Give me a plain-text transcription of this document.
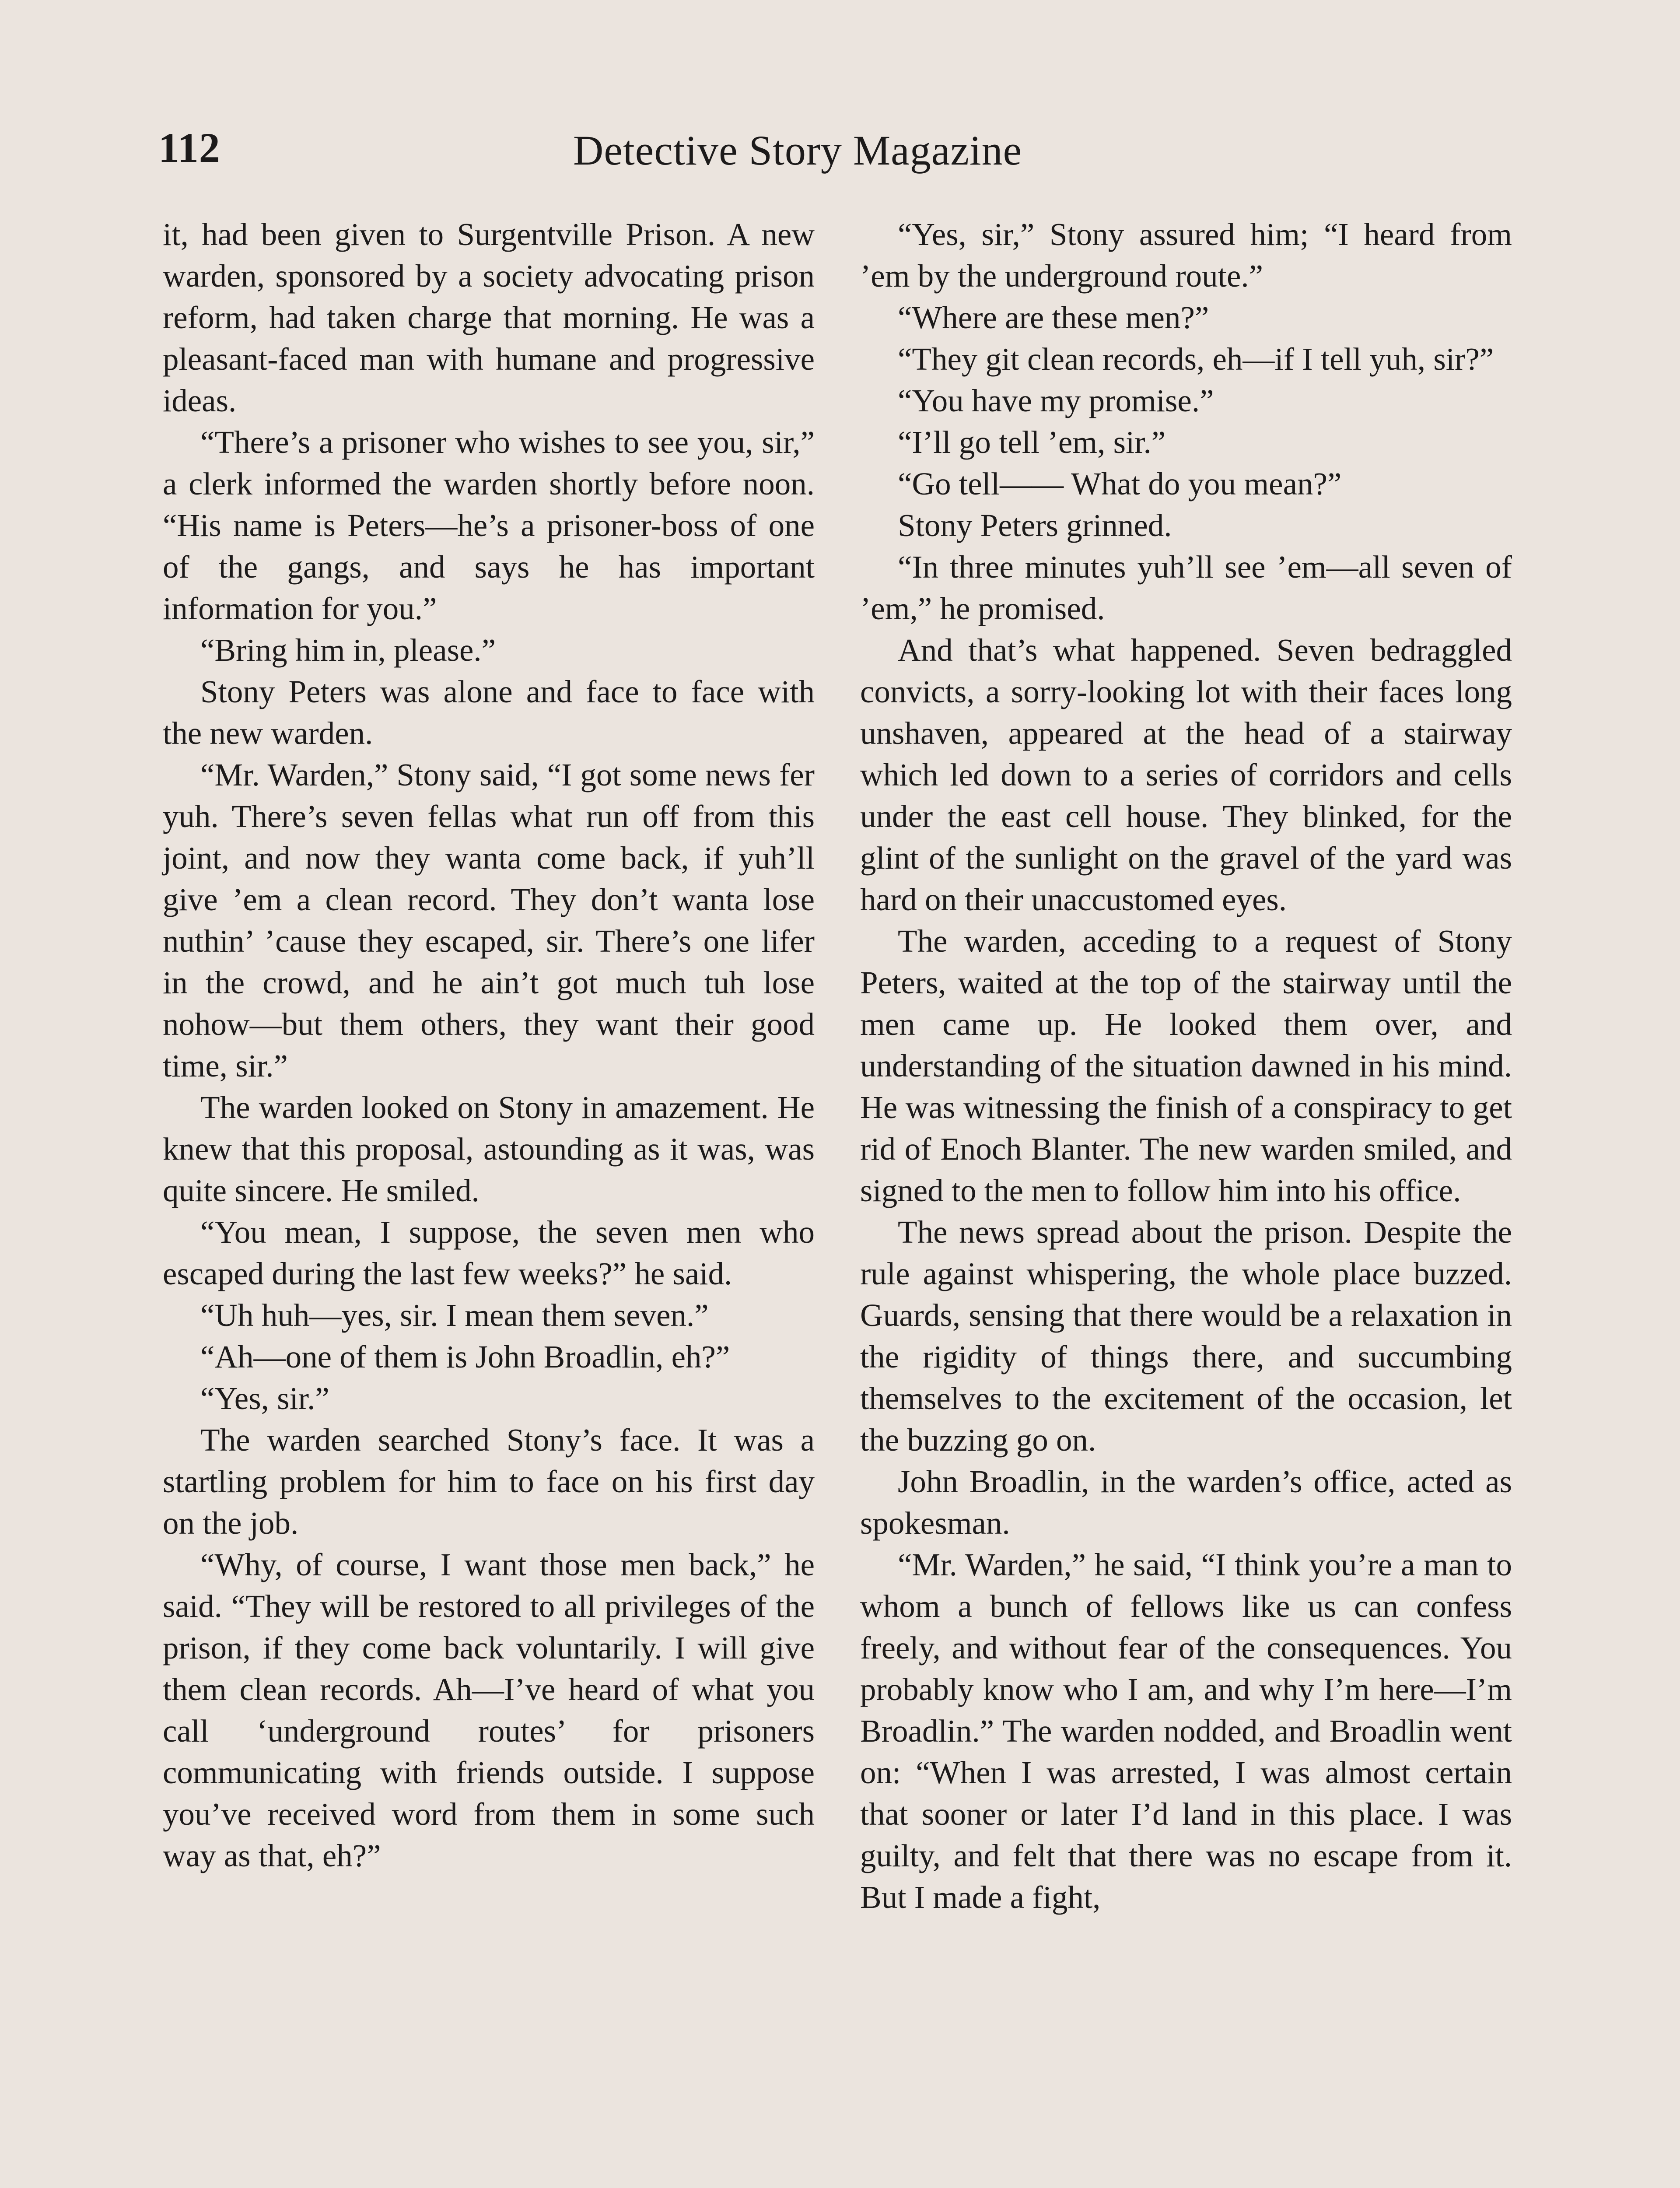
112	Detective Story Magazine

it, had been given to Surgentville Prison. A new warden, sponsored by a society advocating prison reform, had taken charge that morning. He was a pleasant-faced man with humane and progressive ideas.

“There’s a prisoner who wishes to see you, sir,” a clerk informed the warden shortly before noon. “His name is Peters—he’s a prisoner-boss of one of the gangs, and says he has important information for you.”

“Bring him in, please.”

Stony Peters was alone and face to face with the new warden.

“Mr. Warden,” Stony said, “I got some news fer yuh. There’s seven fellas what run off from this joint, and now they wanta come back, if yuh’ll give ’em a clean record. They don’t wanta lose nuthin’ ’cause they escaped, sir. There’s one lifer in the crowd, and he ain’t got much tuh lose nohow—but them others, they want their good time, sir.”

The warden looked on Stony in amazement. He knew that this proposal, astounding as it was, was quite sincere. He smiled.

“You mean, I suppose, the seven men who escaped during the last few weeks?” he said.

“Uh huh—yes, sir. I mean them seven.”

“Ah—one of them is John Broadlin, eh?”

“Yes, sir.”

The warden searched Stony’s face. It was a startling problem for him to face on his first day on the job.

“Why, of course, I want those men back,” he said. “They will be restored to all privileges of the prison, if they come back voluntarily. I will give them clean records. Ah—I’ve heard of what you call ‘underground routes’ for prisoners communicating with friends outside. I suppose you’ve received word from them in some such way as that, eh?”

“Yes, sir,” Stony assured him; “I heard from ’em by the underground route.”

“Where are these men?”

“They git clean records, eh—if I tell yuh, sir?”

“You have my promise.”

“I’ll go tell ’em, sir.”

“Go tell—— What do you mean?”

Stony Peters grinned.

“In three minutes yuh’ll see ’em—all seven of ’em,” he promised.

And that’s what happened. Seven bedraggled convicts, a sorry-looking lot with their faces long unshaven, appeared at the head of a stairway which led down to a series of corridors and cells under the east cell house. They blinked, for the glint of the sunlight on the gravel of the yard was hard on their unaccustomed eyes.

The warden, acceding to a request of Stony Peters, waited at the top of the stairway until the men came up. He looked them over, and understanding of the situation dawned in his mind. He was witnessing the finish of a conspiracy to get rid of Enoch Blanter. The new warden smiled, and signed to the men to follow him into his office.

The news spread about the prison. Despite the rule against whispering, the whole place buzzed. Guards, sensing that there would be a relaxation in the rigidity of things there, and succumbing themselves to the excitement of the occasion, let the buzzing go on.

John Broadlin, in the warden’s office, acted as spokesman.

“Mr. Warden,” he said, “I think you’re a man to whom a bunch of fellows like us can confess freely, and without fear of the consequences. You probably know who I am, and why I’m here—I’m Broadlin.” The warden nodded, and Broadlin went on: “When I was arrested, I was almost certain that sooner or later I’d land in this place. I was guilty, and felt that there was no escape from it. But I made a fight,
